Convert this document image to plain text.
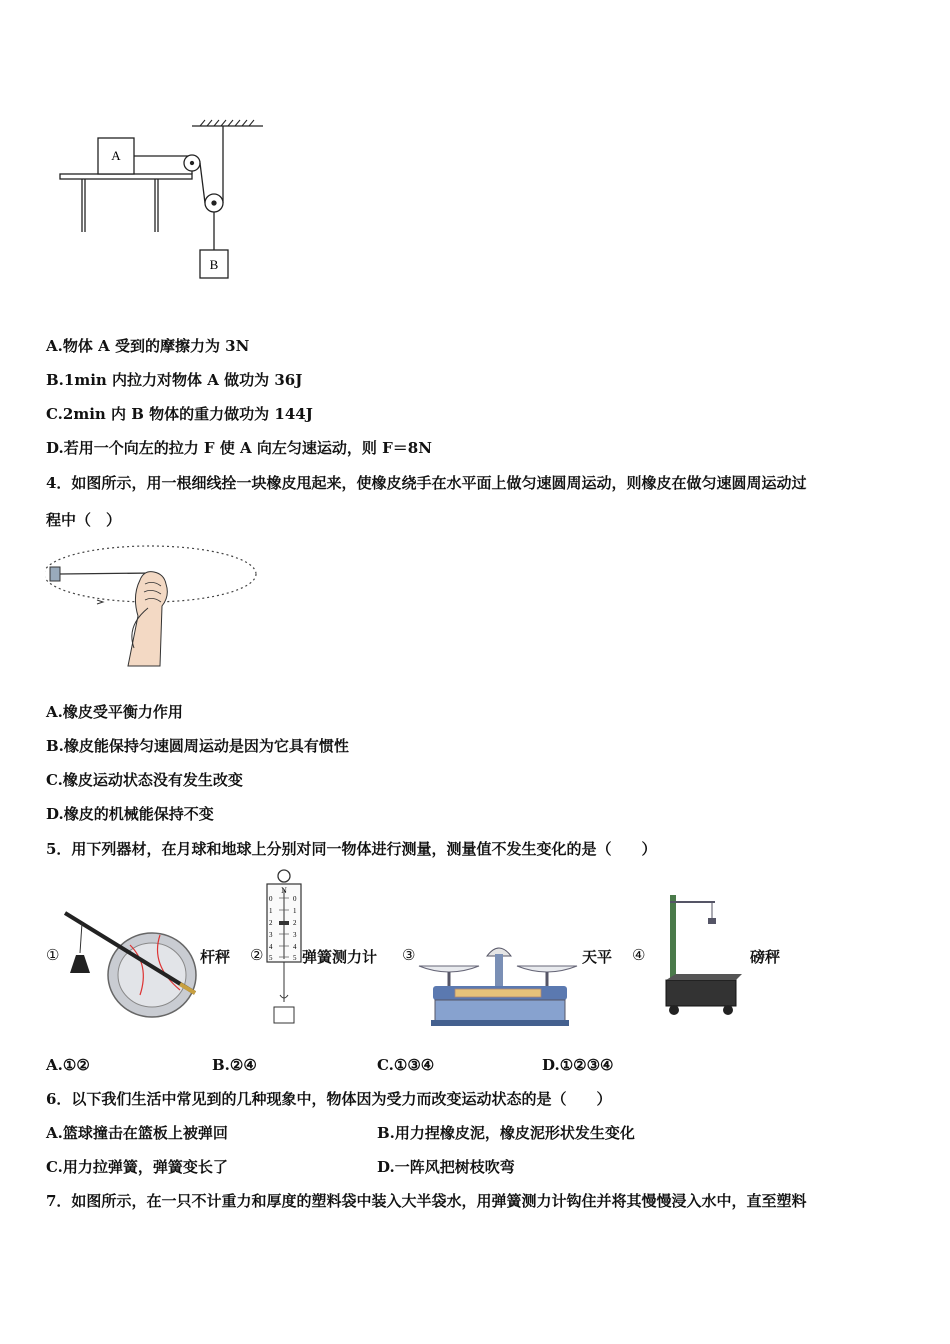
A
B
A.物体 A 受到的摩擦力为 3N
B.1min 内拉力对物体 A 做功为 36J
C.2min 内 B 物体的重力做功为 144J
D.若用一个向左的拉力 F 使 A 向左匀速运动，则 F＝8N
4．如图所示，用一根细线拴一块橡皮甩起来，使橡皮绕手在水平面上做匀速圆周运动，则橡皮在做匀速圆周运动过
程中（　）
A.橡皮受平衡力作用
B.橡皮能保持匀速圆周运动是因为它具有惯性
C.橡皮运动状态没有发生改变
D.橡皮的机械能保持不变
5．用下列器材，在月球和地球上分别对同一物体进行测量，测量值不发生变化的是（　　）
①	杆秤 ②
N
0
1
2
3
4
5
0
1
2
3
4
5 弹簧测力计 ③	天平 ④	磅秤
A.①②	B.②④	C.①③④	D.①②③④
6．以下我们生活中常见到的几种现象中，物体因为受力而改变运动状态的是（　　）
A.篮球撞击在篮板上被弹回	B.用力捏橡皮泥，橡皮泥形状发生变化
C.用力拉弹簧，弹簧变长了	D.一阵风把树枝吹弯
7．如图所示，在一只不计重力和厚度的塑料袋中装入大半袋水，用弹簧测力计钩住并将其慢慢浸入水中，直至塑料
